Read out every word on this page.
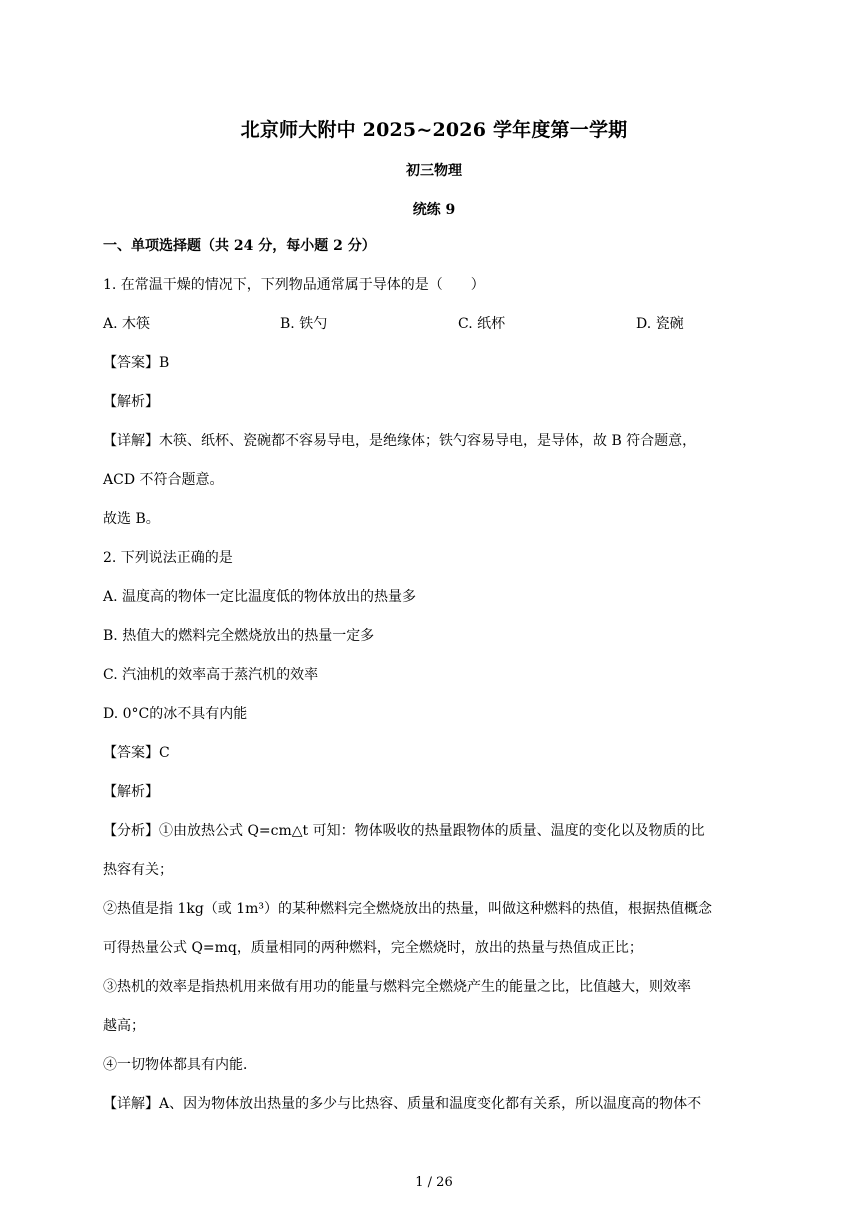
北京师大附中 2025~2026 学年度第一学期
初三物理
统练 9
一、单项选择题（共 24 分，每小题 2 分）
1. 在常温干燥的情况下，下列物品通常属于导体的是（　　）
A. 木筷	B. 铁勺	C. 纸杯	D. 瓷碗
【答案】B
【解析】
【详解】木筷、纸杯、瓷碗都不容易导电，是绝缘体；铁勺容易导电，是导体，故 B 符合题意，
ACD 不符合题意。
故选 B。
2. 下列说法正确的是
A. 温度高的物体一定比温度低的物体放出的热量多
B. 热值大的燃料完全燃烧放出的热量一定多
C. 汽油机的效率高于蒸汽机的效率
D. 0°C的冰不具有内能
【答案】C
【解析】
【分析】①由放热公式 Q=cm△t 可知：物体吸收的热量跟物体的质量、温度的变化以及物质的比
热容有关；
②热值是指 1kg（或 1m³）的某种燃料完全燃烧放出的热量，叫做这种燃料的热值，根据热值概念
可得热量公式 Q=mq，质量相同的两种燃料，完全燃烧时，放出的热量与热值成正比；
③热机的效率是指热机用来做有用功的能量与燃料完全燃烧产生的能量之比，比值越大，则效率
越高；
④一切物体都具有内能．
【详解】A、因为物体放出热量的多少与比热容、质量和温度变化都有关系，所以温度高的物体不
1 / 26
